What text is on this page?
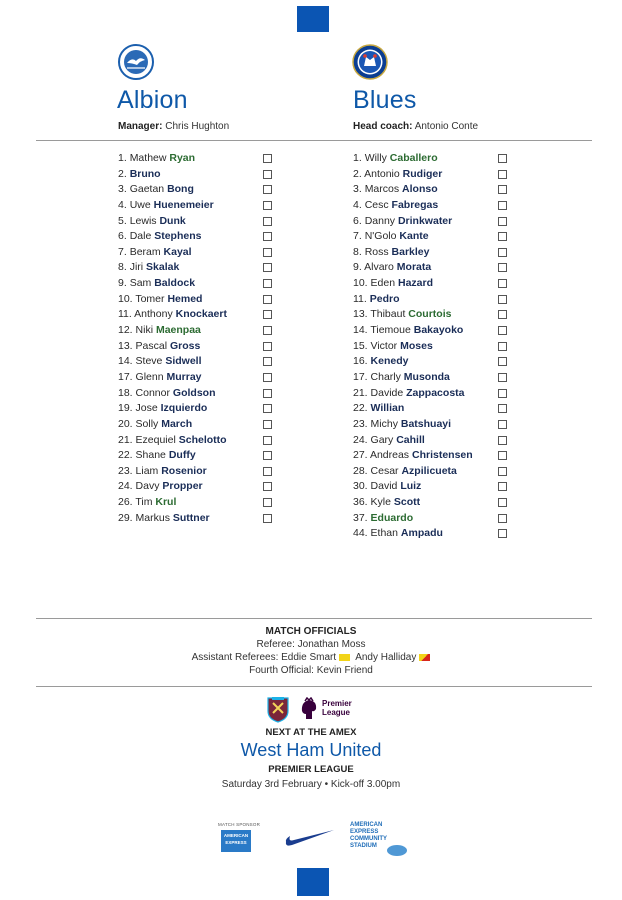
Albion	Blues
Manager: Chris Hughton	Head coach: Antonio Conte
1. Mathew Ryan
2. Bruno
3. Gaetan Bong
4. Uwe Huenemeier
5. Lewis Dunk
6. Dale Stephens
7. Beram Kayal
8. Jiri Skalak
9. Sam Baldock
10. Tomer Hemed
11. Anthony Knockaert
12. Niki Maenpaa
13. Pascal Gross
14. Steve Sidwell
17. Glenn Murray
18. Connor Goldson
19. Jose Izquierdo
20. Solly March
21. Ezequiel Schelotto
22. Shane Duffy
23. Liam Rosenior
24. Davy Propper
26. Tim Krul
29. Markus Suttner
1. Willy Caballero
2. Antonio Rudiger
3. Marcos Alonso
4. Cesc Fabregas
6. Danny Drinkwater
7. N'Golo Kante
8. Ross Barkley
9. Alvaro Morata
10. Eden Hazard
11. Pedro
13. Thibaut Courtois
14. Tiemoue Bakayoko
15. Victor Moses
16. Kenedy
17. Charly Musonda
21. Davide Zappacosta
22. Willian
23. Michy Batshuayi
24. Gary Cahill
27. Andreas Christensen
28. Cesar Azpilicueta
30. David Luiz
36. Kyle Scott
37. Eduardo
44. Ethan Ampadu
MATCH OFFICIALS
Referee: Jonathan Moss
Assistant Referees: Eddie Smart Andy Halliday
Fourth Official: Kevin Friend
Premier League
NEXT AT THE AMEX
West Ham United
PREMIER LEAGUE
Saturday 3rd February • Kick-off 3.00pm
MATCH SPONSOR
AMERICAN EXPRESS
AMERICAN EXPRESS COMMUNITY STADIUM
